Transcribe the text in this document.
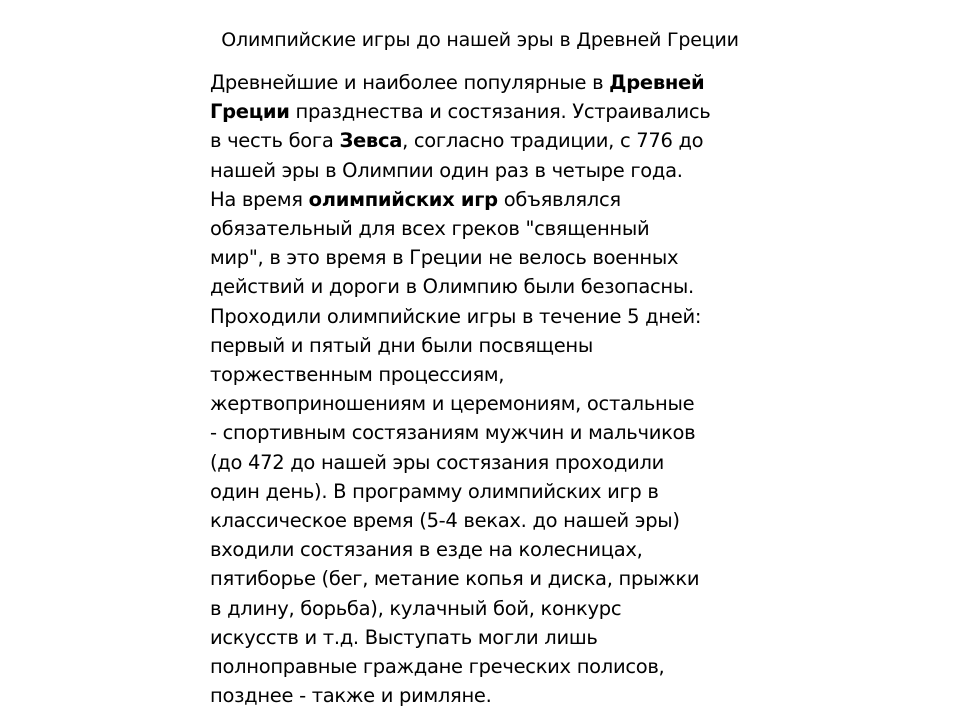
Олимпийские игры до нашей эры в Древней Греции
Древнейшие и наиболее популярные в Древней
Греции празднества и состязания. Устраивались
в честь бога Зевса, согласно традиции, с 776 до
нашей эры в Олимпии один раз в четыре года.
На время олимпийских игр объявлялся
обязательный для всех греков "священный
мир", в это время в Греции не велось военных
действий и дороги в Олимпию были безопасны.
Проходили олимпийские игры в течение 5 дней:
первый и пятый дни были посвящены
торжественным процессиям,
жертвоприношениям и церемониям, остальные
- спортивным состязаниям мужчин и мальчиков
(до 472 до нашей эры состязания проходили
один день). В программу олимпийских игр в
классическое время (5-4 веках. до нашей эры)
входили состязания в езде на колесницах,
пятиборье (бег, метание копья и диска, прыжки
в длину, борьба), кулачный бой, конкурс
искусств и т.д. Выступать могли лишь
полноправные граждане греческих полисов,
позднее - также и римляне.
